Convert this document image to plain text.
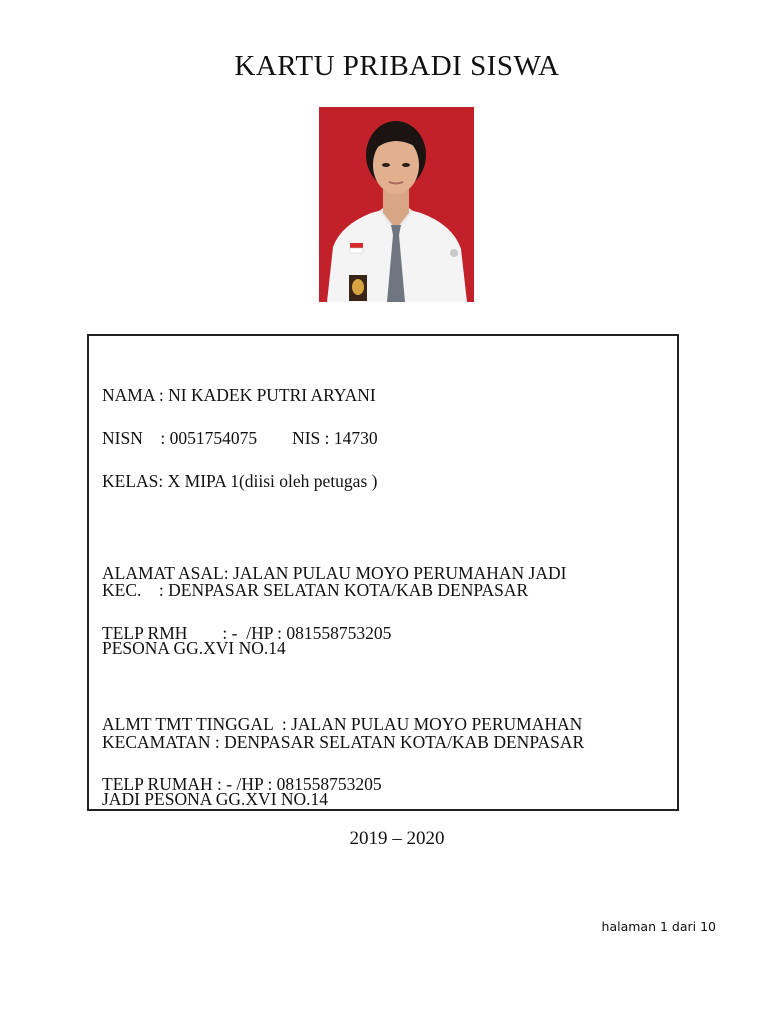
KARTU PRIBADI SISWA

NAMA : NI KADEK PUTRI ARYANI

NISN    : 0051754075        NIS : 14730

KELAS: X MIPA 1(diisi oleh petugas )

ALAMAT ASAL: JALAN PULAU MOYO PERUMAHAN JADI

PESONA GG.XVI NO.14

KEC.    : DENPASAR SELATAN KOTA/KAB DENPASAR

TELP RMH        : -  /HP : 081558753205

ALMT TMT TINGGAL  : JALAN PULAU MOYO PERUMAHAN

JADI PESONA GG.XVI NO.14

KECAMATAN : DENPASAR SELATAN KOTA/KAB DENPASAR

TELP RUMAH : - /HP : 081558753205

2019 – 2020
halaman 1 dari 10
